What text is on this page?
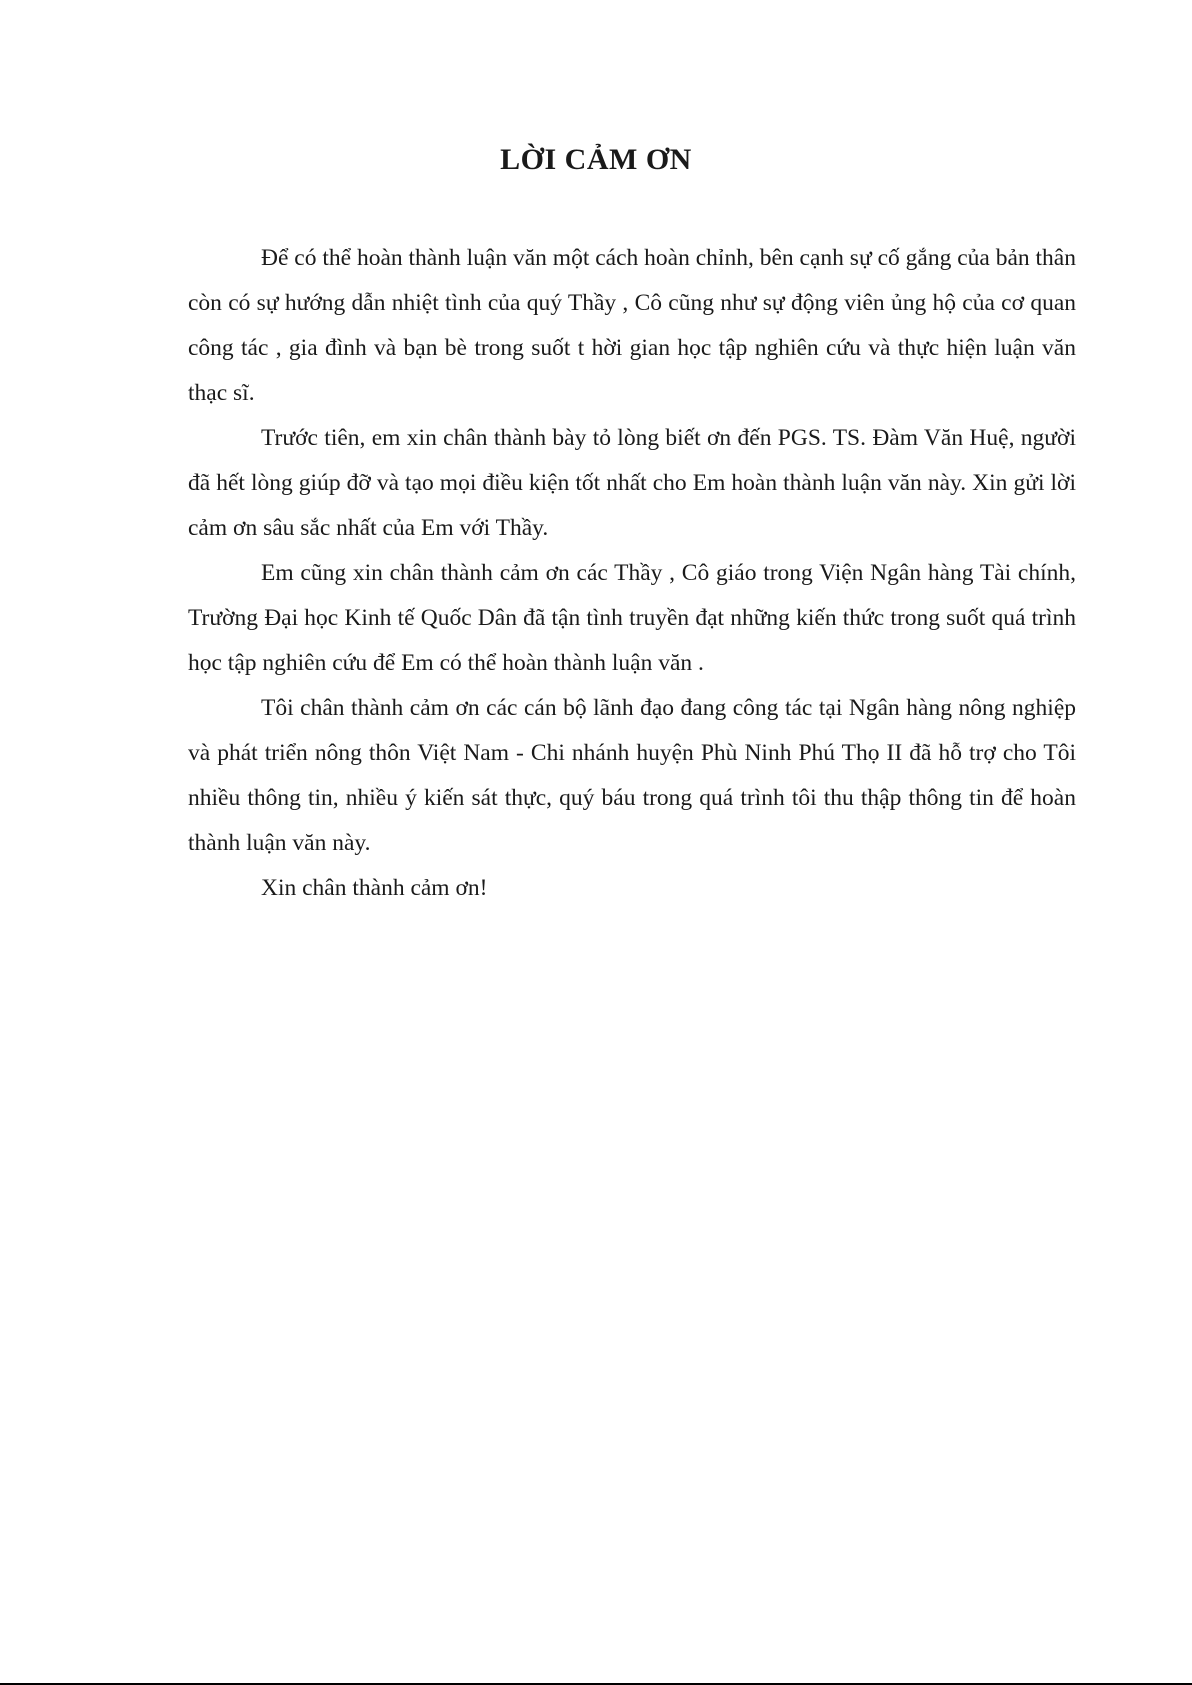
LỜI CẢM ƠN

Để có thể hoàn thành luận văn một cách hoàn chỉnh, bên cạnh sự cố gắng của bản thân còn có sự hướng dẫn nhiệt tình của quý Thầy , Cô cũng như sự động viên ủng hộ của cơ quan công tác , gia đình và bạn bè trong suốt t hời gian học tập nghiên cứu và thực hiện luận văn thạc sĩ.

Trước tiên, em xin chân thành bày tỏ lòng biết ơn đến PGS. TS. Đàm Văn Huệ, người đã hết lòng giúp đỡ và tạo mọi điều kiện tốt nhất cho Em hoàn thành luận văn này. Xin gửi lời cảm ơn sâu sắc nhất của Em với Thầy.

Em cũng xin chân thành cảm ơn các Thầy , Cô giáo trong Viện Ngân hàng Tài chính, Trường Đại học Kinh tế Quốc Dân đã tận tình truyền đạt những kiến thức trong suốt quá trình học tập nghiên cứu để Em có thể hoàn thành luận văn .

Tôi chân thành cảm ơn các cán bộ lãnh đạo đang công tác tại Ngân hàng nông nghiệp và phát triển nông thôn Việt Nam - Chi nhánh huyện Phù Ninh Phú Thọ II đã hỗ trợ cho Tôi nhiều thông tin, nhiều ý kiến sát thực, quý báu trong quá trình tôi thu thập thông tin để hoàn thành luận văn này.

Xin chân thành cảm ơn!
